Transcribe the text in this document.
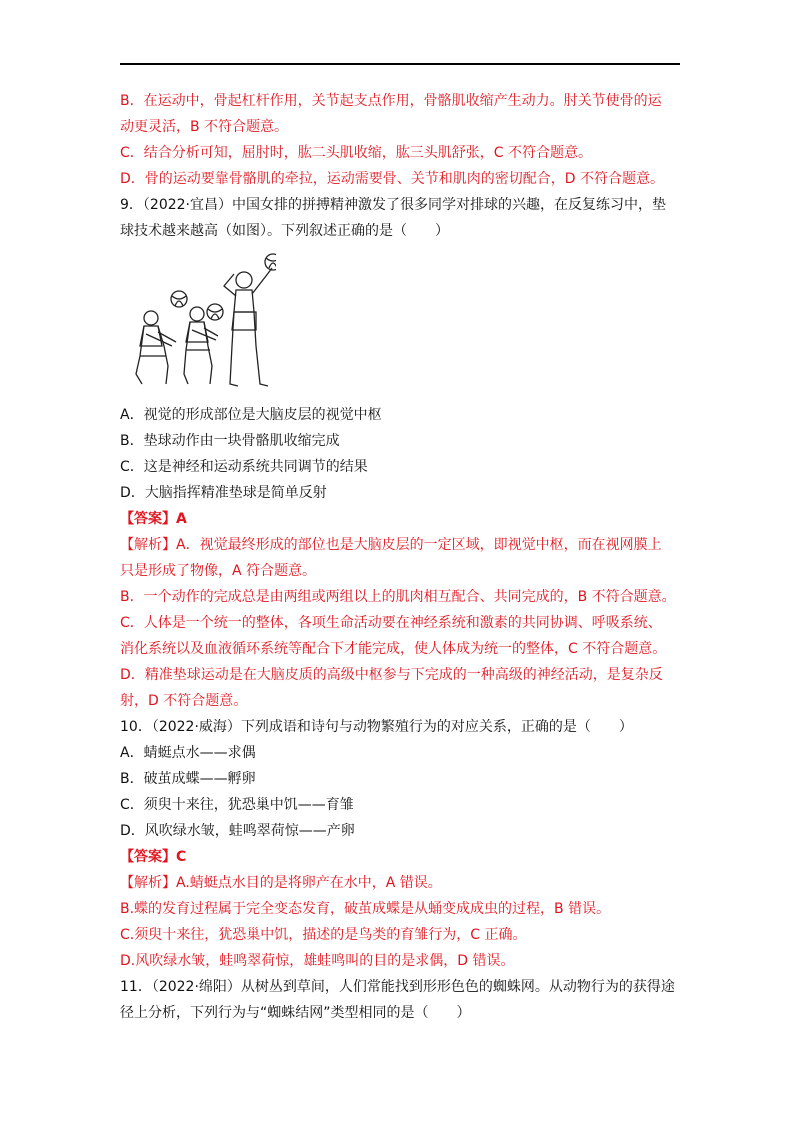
B．在运动中，骨起杠杆作用，关节起支点作用，骨骼肌收缩产生动力。肘关节使骨的运
动更灵活，B 不符合题意。
C．结合分析可知，屈肘时，肱二头肌收缩，肱三头肌舒张，C 不符合题意。
D．骨的运动要靠骨骼肌的牵拉，运动需要骨、关节和肌肉的密切配合，D 不符合题意。
9．（2022·宜昌）中国女排的拼搏精神激发了很多同学对排球的兴趣，在反复练习中，垫
球技术越来越高（如图）。下列叙述正确的是（　　）
A．视觉的形成部位是大脑皮层的视觉中枢
B．垫球动作由一块骨骼肌收缩完成
C．这是神经和运动系统共同调节的结果
D．大脑指挥精准垫球是简单反射
【答案】A
【解析】A．视觉最终形成的部位也是大脑皮层的一定区域，即视觉中枢，而在视网膜上
只是形成了物像，A 符合题意。
B．一个动作的完成总是由两组或两组以上的肌肉相互配合、共同完成的，B 不符合题意。
C．人体是一个统一的整体，各项生命活动要在神经系统和激素的共同协调、呼吸系统、
消化系统以及血液循环系统等配合下才能完成，使人体成为统一的整体，C 不符合题意。
D．精准垫球运动是在大脑皮质的高级中枢参与下完成的一种高级的神经活动，是复杂反
射，D 不符合题意。
10．（2022·威海）下列成语和诗句与动物繁殖行为的对应关系，正确的是（　　）
A．蜻蜓点水——求偶
B．破茧成蝶——孵卵
C．须臾十来往，犹恐巢中饥——育雏
D．风吹绿水皱，蛙鸣翠荷惊——产卵
【答案】C
【解析】A.蜻蜓点水目的是将卵产在水中，A 错误。
B.蝶的发育过程属于完全变态发育，破茧成蝶是从蛹变成成虫的过程，B 错误。
C.须臾十来往，犹恐巢中饥，描述的是鸟类的育雏行为，C 正确。
D.风吹绿水皱，蛙鸣翠荷惊，雄蛙鸣叫的目的是求偶，D 错误。
11．（2022·绵阳）从树丛到草间，人们常能找到形形色色的蜘蛛网。从动物行为的获得途
径上分析，下列行为与“蜘蛛结网”类型相同的是（　　）
